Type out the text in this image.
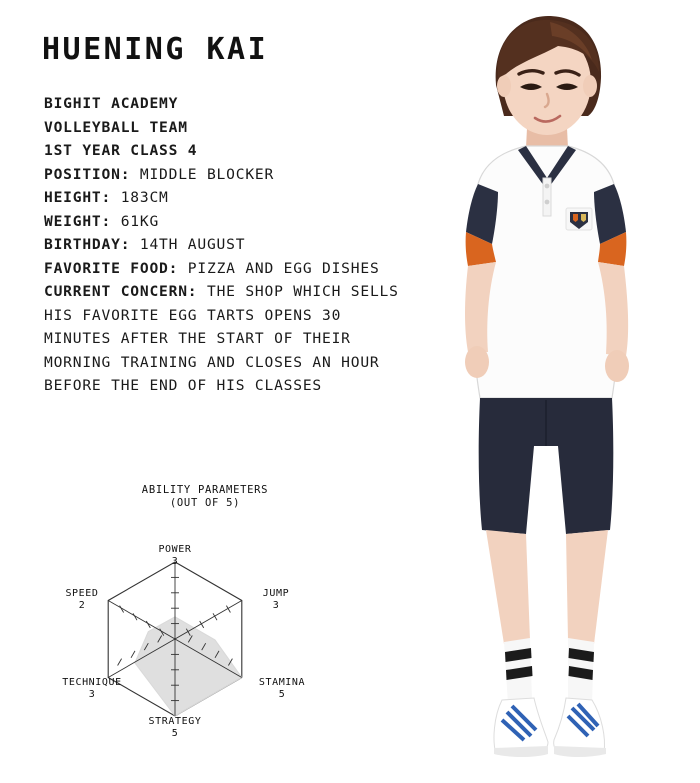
HUENING KAI
BIGHIT ACADEMY
VOLLEYBALL TEAM
1ST YEAR CLASS 4
POSITION: MIDDLE BLOCKER
HEIGHT: 183CM
WEIGHT: 61KG
BIRTHDAY: 14TH AUGUST
FAVORITE FOOD: PIZZA AND EGG DISHES
CURRENT CONCERN: THE SHOP WHICH SELLS HIS FAVORITE EGG TARTS OPENS 30 MINUTES AFTER THE START OF THEIR MORNING TRAINING AND CLOSES AN HOUR BEFORE THE END OF HIS CLASSES
ABILITY PARAMETERS
(OUT OF 5)
POWER
3
JUMP
3
STAMINA
5
STRATEGY
5
TECHNIQUE
3
SPEED
2
